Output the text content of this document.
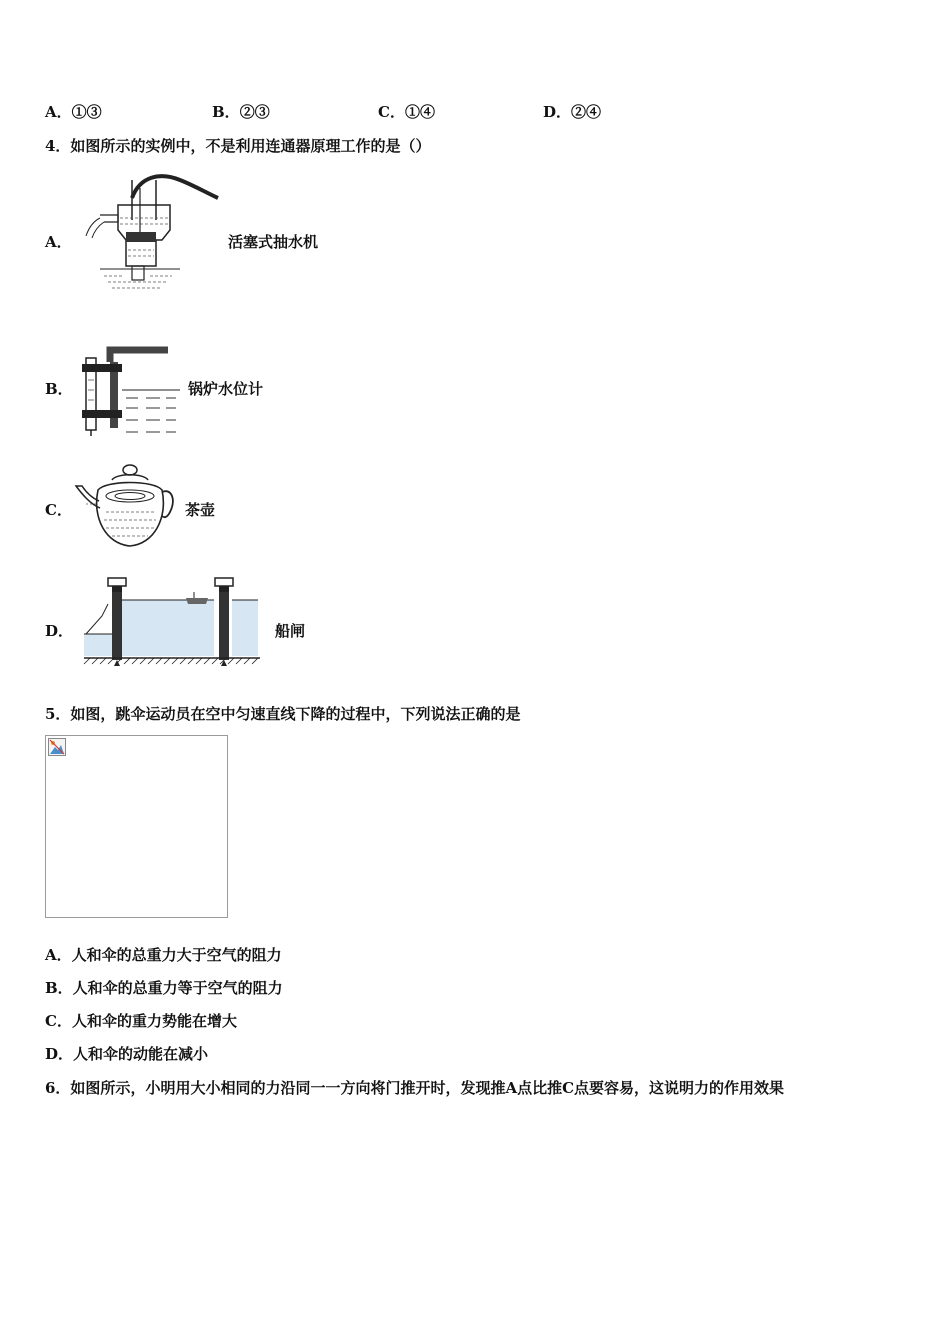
A．①③	B．②③	C．①④	D．②④
4．如图所示的实例中，不是利用连通器原理工作的是（）
A．	活塞式抽水机
B．	锅炉水位计
C．	茶壶
D．	船闸
5．如图，跳伞运动员在空中匀速直线下降的过程中，下列说法正确的是
A．人和伞的总重力大于空气的阻力
B．人和伞的总重力等于空气的阻力
C．人和伞的重力势能在增大
D．人和伞的动能在减小
6．如图所示，小明用大小相同的力沿同一一方向将门推开时，发现推A点比推C点要容易，这说明力的作用效果
